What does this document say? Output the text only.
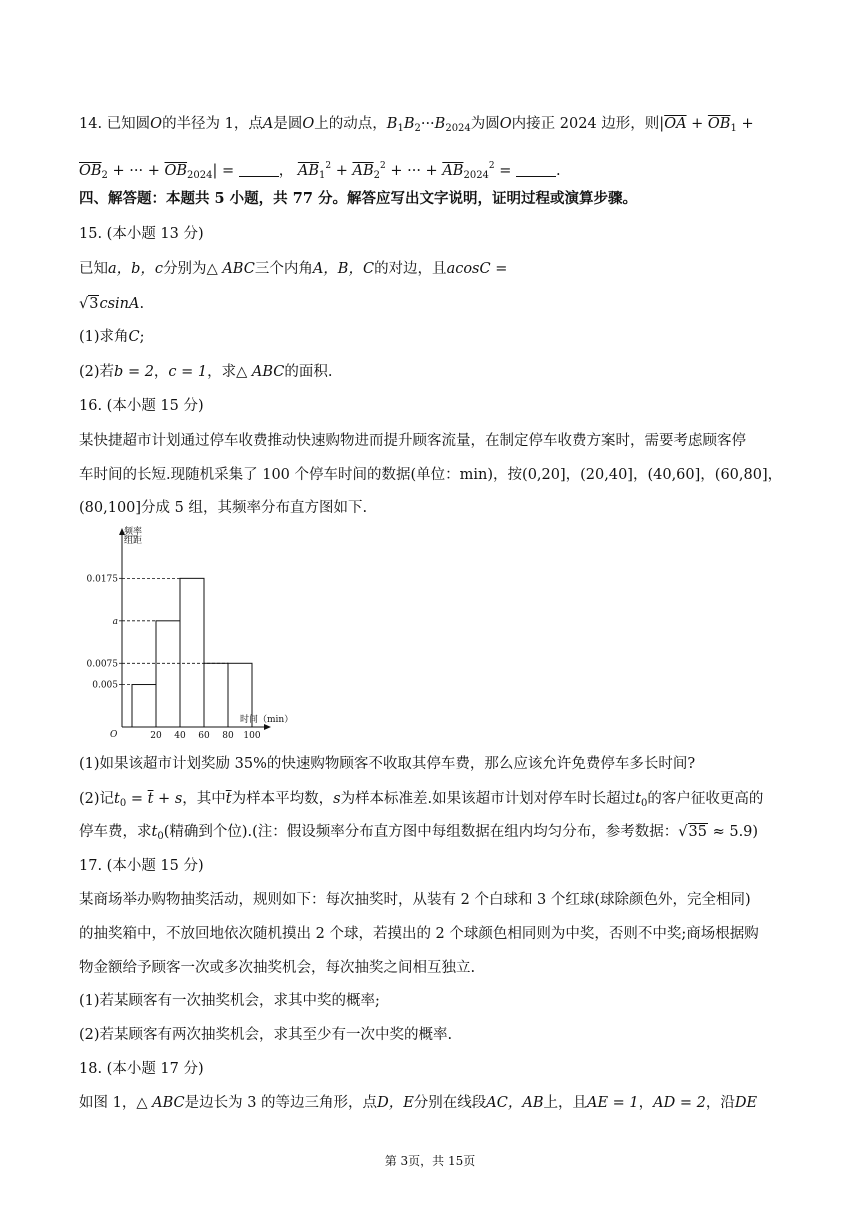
14. 已知圆O的半径为 1，点A是圆O上的动点，$B_1B_2\cdot\cdot\cdot B_{2024}$为圆O内接正 2024 边形，则$|\overline{OA} + \overline{OB}_1$ +
$\overline{OB}_2$ + ··· + $\overline{OB}_{2024}|$ =	， $\overline{AB}_1^2 + \overline{AB}_2^2$ + ··· + $\overline{AB}_{2024}^2$ =	.
四、解答题：本题共 5 小题，共 77 分。解答应写出文字说明，证明过程或演算步骤。
15. (本小题 13 分)
已知a，b，c分别为△ ABC三个内角A，B，C的对边，且acosC =
√3csinA.
(1)求角C;
(2)若b = 2，c = 1，求△ ABC的面积.
16. (本小题 15 分)
某快捷超市计划通过停车收费推动快速购物进而提升顾客流量，在制定停车收费方案时，需要考虑顾客停
车时间的长短.现随机采集了 100 个停车时间的数据(单位：min)，按(0,20]，(20,40]，(40,60]，(60,80]，
(80,100]分成 5 组，其频率分布直方图如下.
频率
组距
时间（min）
O
0.0175
a
0.0075
0.005
20 40 60 80 100
(1)如果该超市计划奖励 35%的快速购物顾客不收取其停车费，那么应该允许免费停车多长时间?
(2)记$t_0 = \overline{t} + s$，其中$\overline{t}$为样本平均数，s为样本标准差.如果该超市计划对停车时长超过$t_0$的客户征收更高的
停车费，求$t_0$(精确到个位).(注：假设频率分布直方图中每组数据在组内均匀分布，参考数据：√35 ≈ 5.9)
17. (本小题 15 分)
某商场举办购物抽奖活动，规则如下：每次抽奖时，从装有 2 个白球和 3 个红球(球除颜色外，完全相同)
的抽奖箱中，不放回地依次随机摸出 2 个球，若摸出的 2 个球颜色相同则为中奖，否则不中奖;商场根据购
物金额给予顾客一次或多次抽奖机会，每次抽奖之间相互独立.
(1)若某顾客有一次抽奖机会，求其中奖的概率;
(2)若某顾客有两次抽奖机会，求其至少有一次中奖的概率.
18. (本小题 17 分)
如图 1，△ ABC是边长为 3 的等边三角形，点D，E分别在线段AC，AB上，且AE = 1，AD = 2，沿DE
第 3页，共 15页
